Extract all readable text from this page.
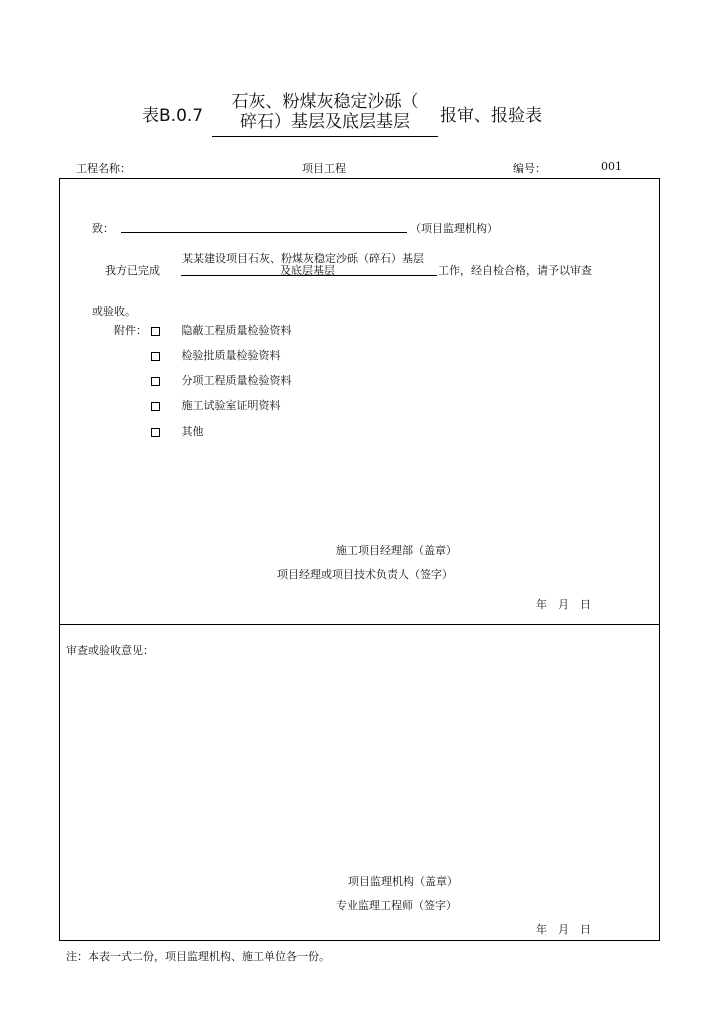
表B.0.7
石灰、粉煤灰稳定沙砾（
碎石）基层及底层基层	报审、报验表
工程名称：	项目工程	编号：	001
致：	（项目监理机构）
我方已完成
某某建设项目石灰、粉煤灰稳定沙砾（碎石）基层
及底层基层	工作，经自检合格，请予以审查
或验收。
附件：	隐蔽工程质量检验资料
检验批质量检验资料
分项工程质量检验资料
施工试验室证明资料
其他
施工项目经理部（盖章）
项目经理或项目技术负责人（签字）
年　月　日
审查或验收意见：
项目监理机构（盖章）
专业监理工程师（签字）
年　月　日
注：本表一式二份，项目监理机构、施工单位各一份。
